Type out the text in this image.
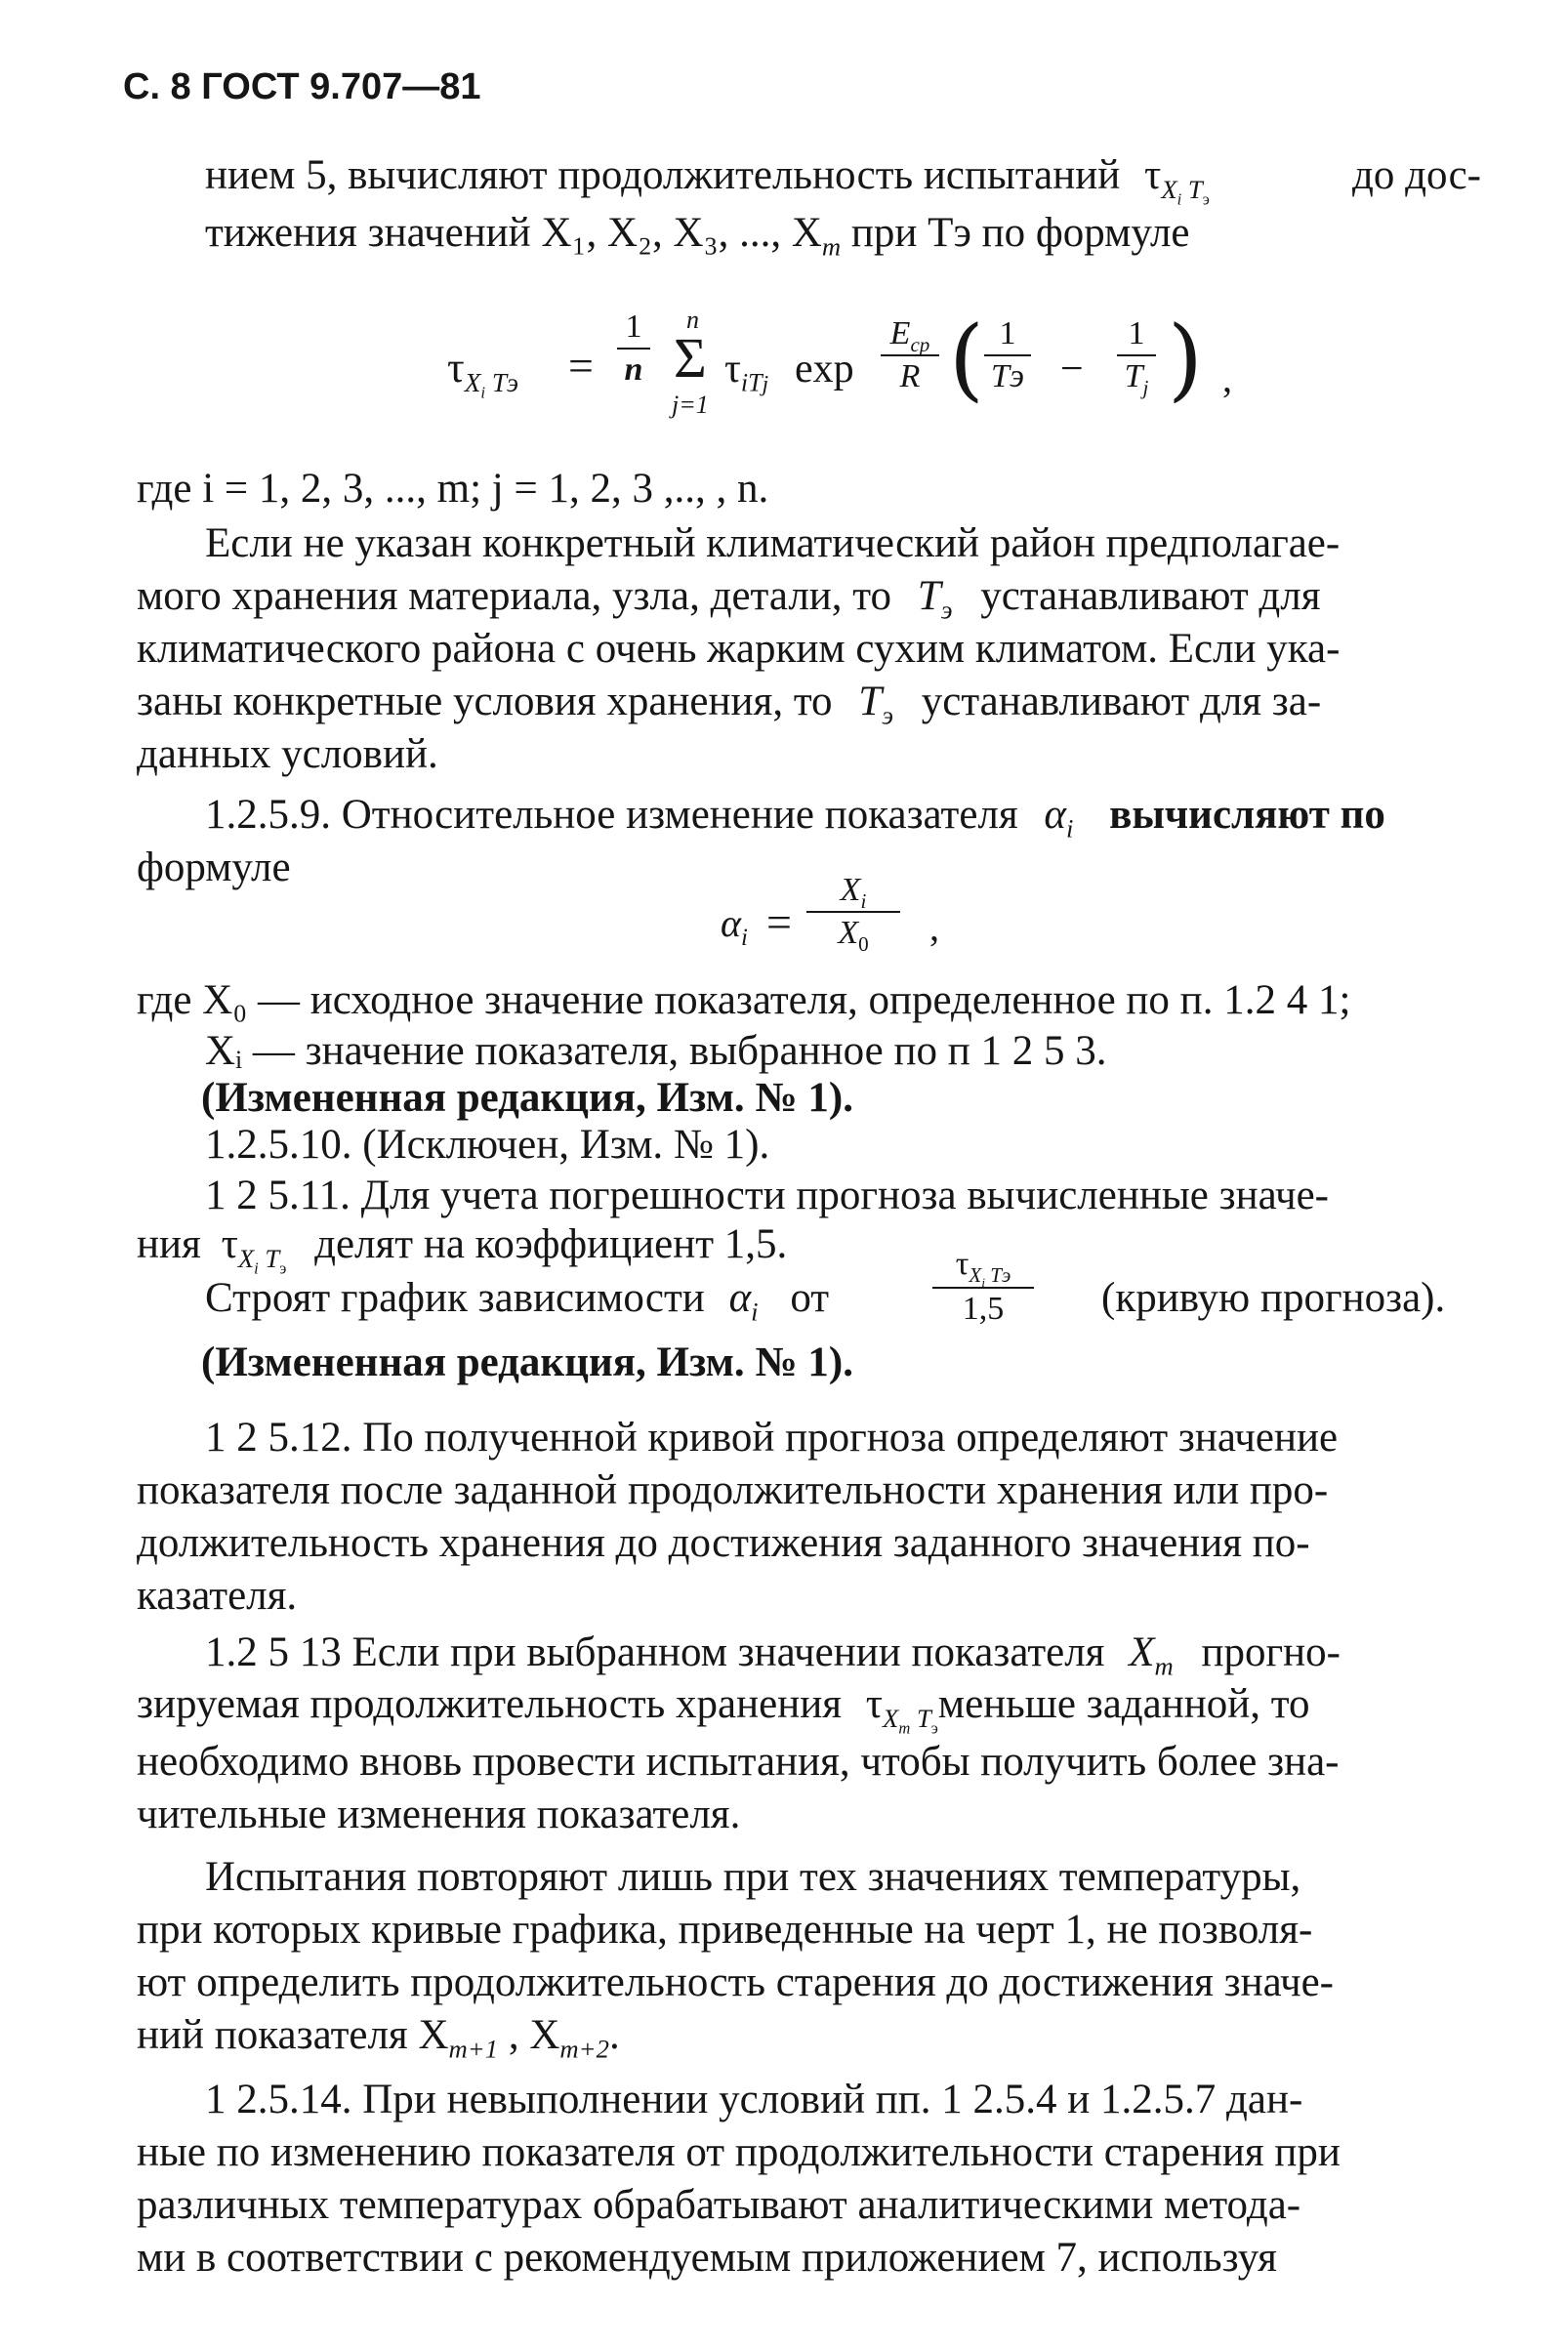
С. 8 ГОСТ 9.707—81
нием 5, вычисляют продолжительность испытаний $\tau_{X_i T_э}$
до дос-
тижения значений X₁, X₂, X₃, ..., $X_m$ при Tэ по формуле
$\tau_{X_i Tэ}$ =
1
n
n
Σ
j=1
$\tau_{iTj}$ exp
$E_{ср}$
R ( 1
Tэ −
1
$T_j$ ) ,
где i = 1, 2, 3, ..., m; j = 1, 2, 3 ,.., , n.
Если не указан конкретный климатический район предполагае-
мого хранения материала, узла, детали, то $T_э$ устанавливают для
климатического района с очень жарким сухим климатом. Если ука-
заны конкретные условия хранения, то $T_э$ устанавливают для за-
данных условий.
1.2.5.9. Относительное изменение показателя $\alpha_i$ вычисляют по
формуле
$\alpha_i$ =
$X_i$
$X_0$ ,
где X₀ — исходное значение показателя, определенное по п. 1.2 4 1;
Xᵢ — значение показателя, выбранное по п 1 2 5 3.
(Измененная редакция, Изм. № 1).
1.2.5.10. (Исключен, Изм. № 1).
1 2 5.11. Для учета погрешности прогноза вычисленные значе-
ния $\tau_{X_i T_э}$ делят на коэффициент 1,5.
Строят график зависимости $\alpha_i$ от
$\tau_{X_i Tэ}$
1,5 (кривую прогноза).
(Измененная редакция, Изм. № 1).
1 2 5.12. По полученной кривой прогноза определяют значение
показателя после заданной продолжительности хранения или про-
должительность хранения до достижения заданного значения по-
казателя.
1.2 5 13 Если при выбранном значении показателя $X_m$ прогно-
зируемая продолжительность хранения $\tau_{X_m T_э}меньше$ заданной, то
необходимо вновь провести испытания, чтобы получить более зна-
чительные изменения показателя.
Испытания повторяют лишь при тех значениях температуры,
при которых кривые графика, приведенные на черт 1, не позволя-
ют определить продолжительность старения до достижения значе-
ний показателя $X_{m+1}$ , $X_{m+2}$.
1 2.5.14. При невыполнении условий пп. 1 2.5.4 и 1.2.5.7 дан-
ные по изменению показателя от продолжительности старения при
различных температурах обрабатывают аналитическими метода-
ми в соответствии с рекомендуемым приложением 7, используя
